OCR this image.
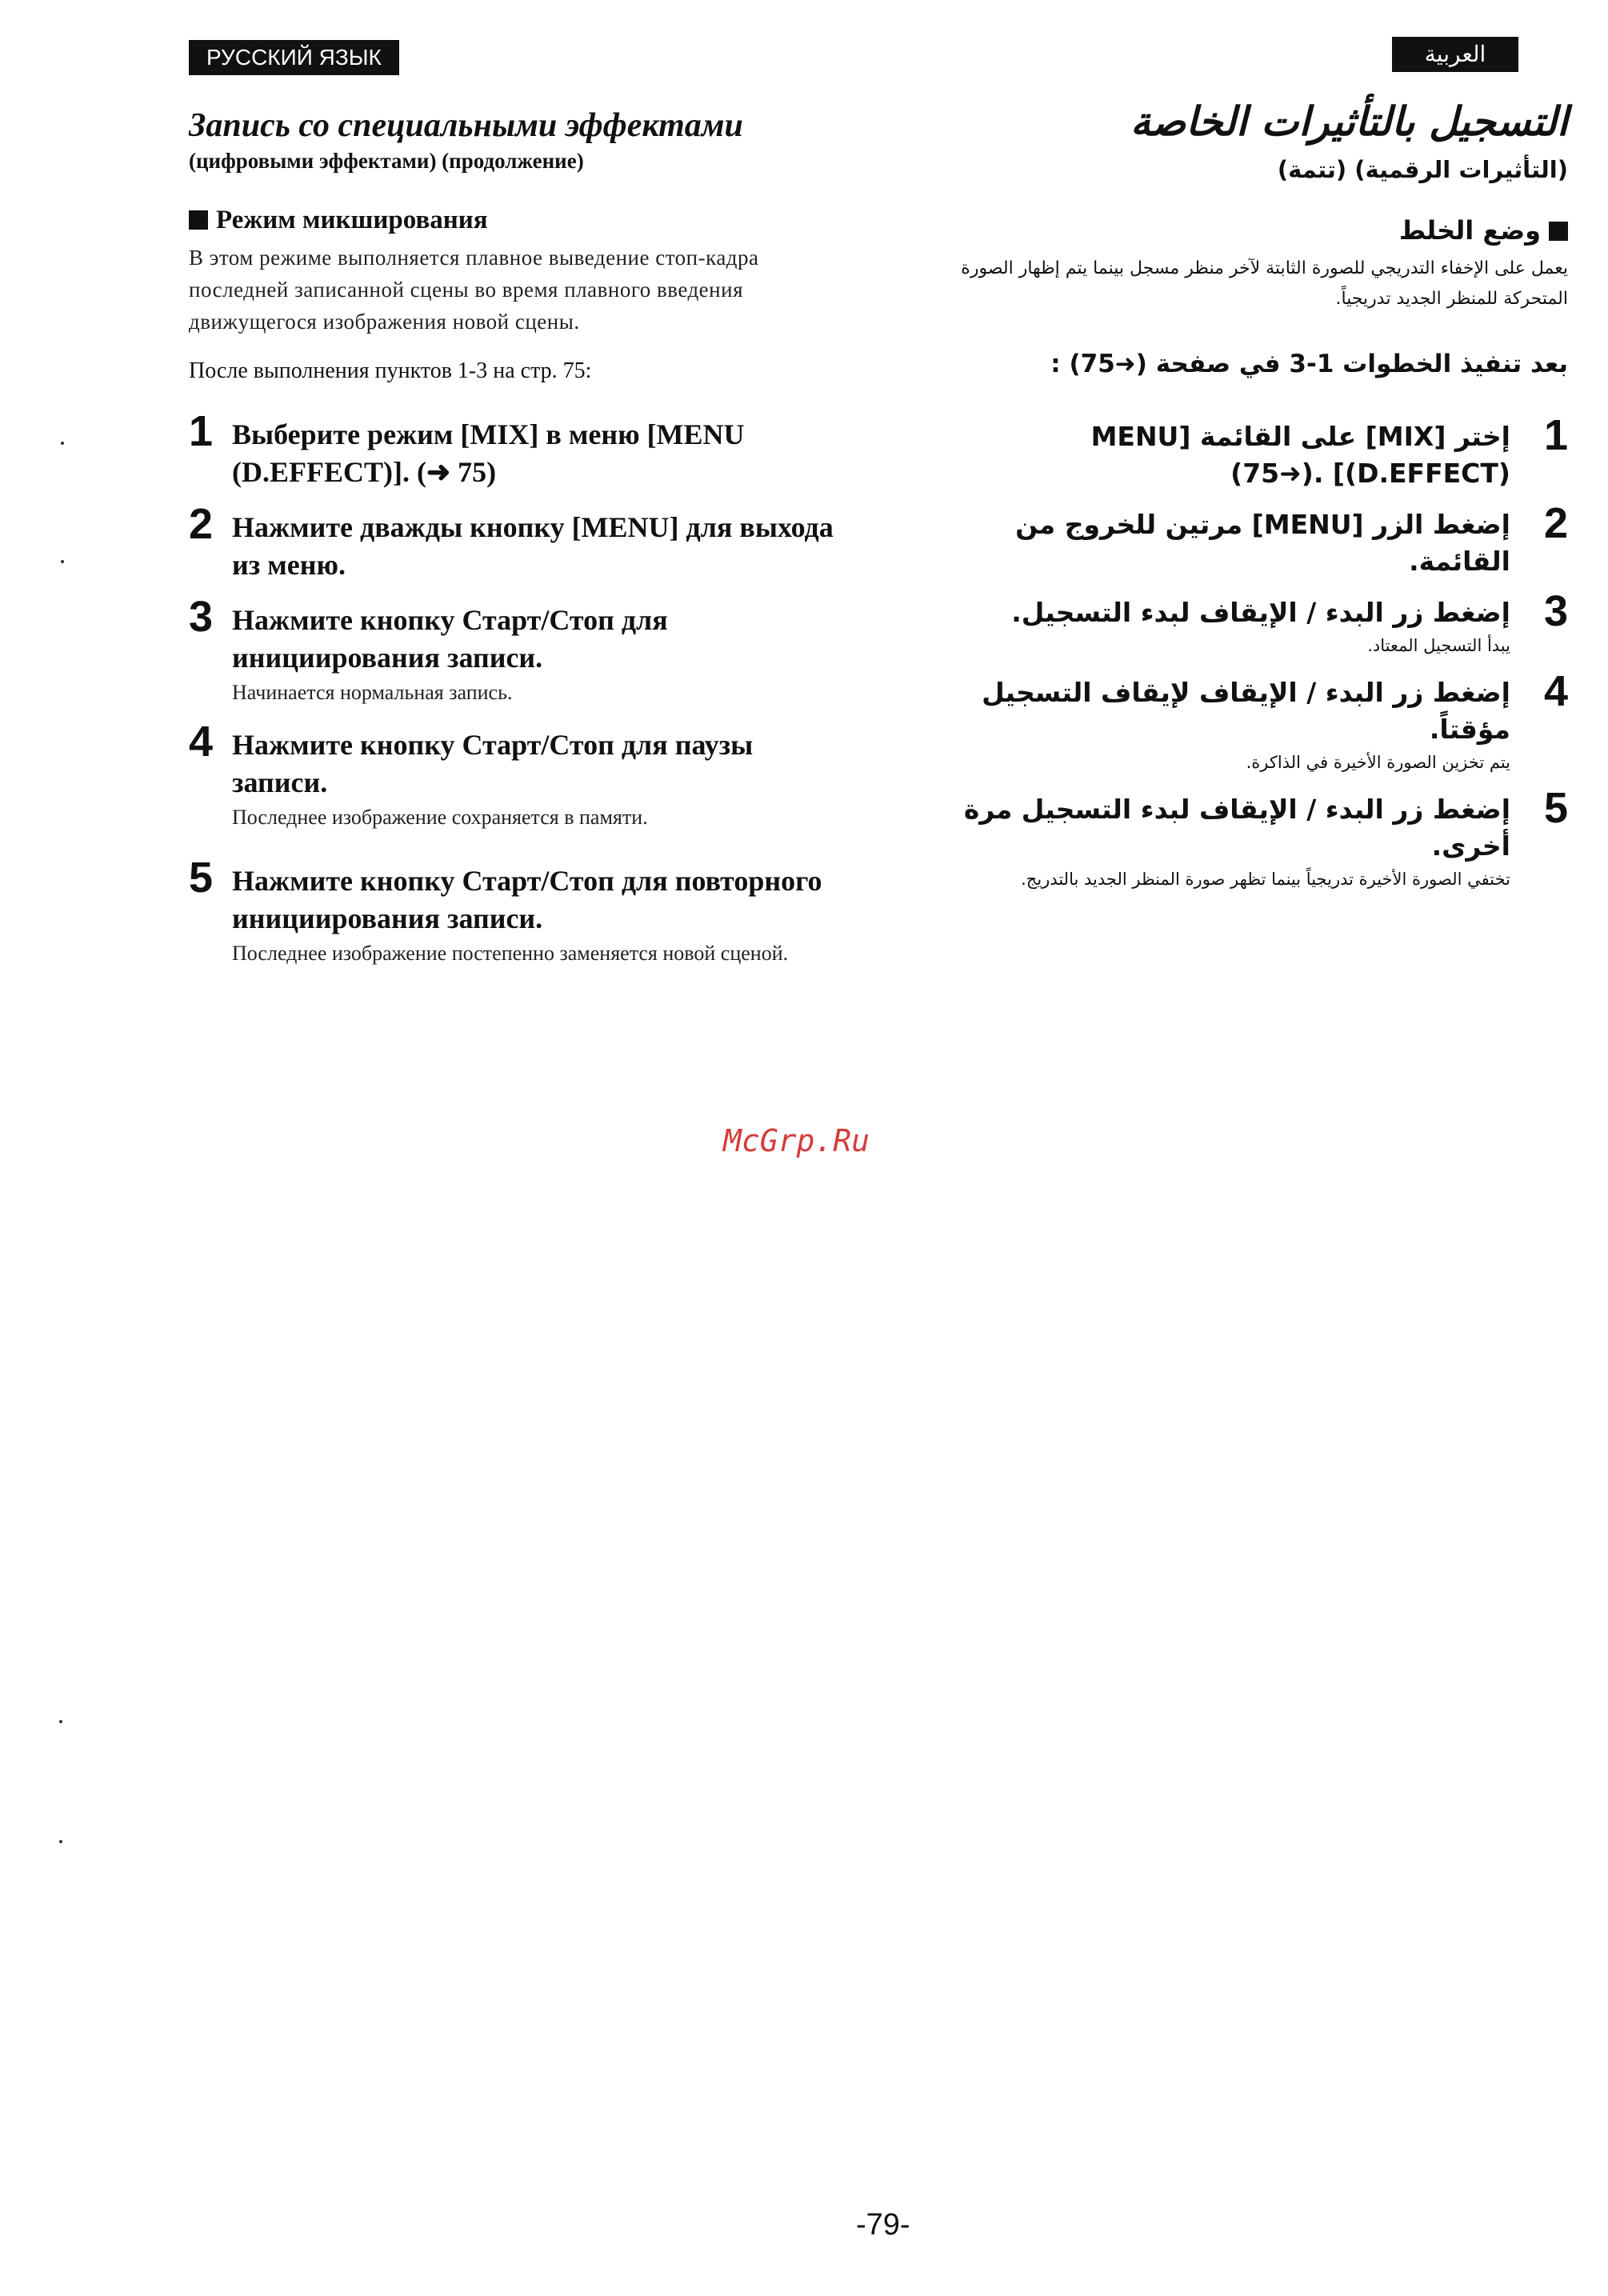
РУССКИЙ ЯЗЫК	العربية
Запись со специальными эффектами

(цифровыми эффектами) (продолжение)

Режим микширования

В этом режиме выполняется плавное выведение стоп-кадра последней записанной сцены во время плавного введения движущегося изображения новой сцены.

После выполнения пунктов 1-3 на стр. 75:

1 Выберите режим [MIX] в меню [MENU (D.EFFECT)]. (➜ 75)
2 Нажмите дважды кнопку [MENU] для выхода из меню.
3 Нажмите кнопку Старт/Стоп для инициирования записи.
Начинается нормальная запись.
4 Нажмите кнопку Старт/Стоп для паузы записи.
Последнее изображение сохраняется в памяти.
5 Нажмите кнопку Старт/Стоп для повторного инициирования записи.
Последнее изображение постепенно заменяется новой сценой.
التسجيل بالتأثيرات الخاصة

(التأثيرات الرقمية) (تتمة)

وضع الخلط

يعمل على الإخفاء التدريجي للصورة الثابتة لآخر منظر مسجل بينما يتم إظهار الصورة المتحركة للمنظر الجديد تدريجياً.

بعد تنفيذ الخطوات 1-3 في صفحة (➜75) :

1
إختر [MIX] على القائمة [MENU (D.EFFECT)] .(➜75)
2
إضغط الزر [MENU] مرتين للخروج من القائمة.
3
إضغط زر البدء / الإيقاف لبدء التسجيل.
يبدأ التسجيل المعتاد.
4
إضغط زر البدء / الإيقاف لإيقاف التسجيل مؤقتاً.
يتم تخزين الصورة الأخيرة في الذاكرة.
5
إضغط زر البدء / الإيقاف لبدء التسجيل مرة أخرى.
تختفي الصورة الأخيرة تدريجياً بينما تظهر صورة المنظر الجديد بالتدريج.
McGrp.Ru
-79-
